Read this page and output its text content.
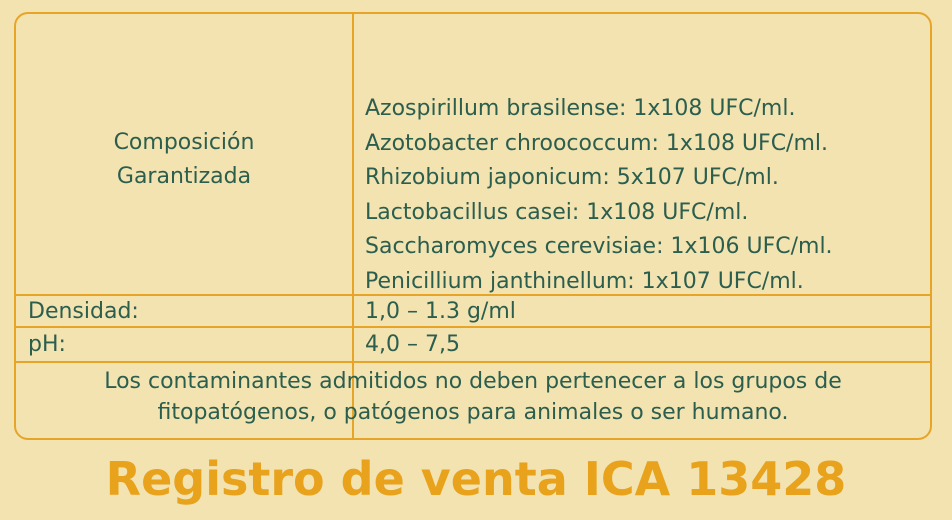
Composición
Garantizada
Azospirillum brasilense: 1x108 UFC/ml.
Azotobacter chroococcum: 1x108 UFC/ml.
Rhizobium japonicum: 5x107 UFC/ml.
Lactobacillus casei: 1x108 UFC/ml.
Saccharomyces cerevisiae: 1x106 UFC/ml.
Penicillium janthinellum: 1x107 UFC/ml.
Densidad:	1,0 – 1.3 g/ml
pH:	4,0 – 7,5
Los contaminantes admitidos no deben pertenecer a los grupos de
fitopatógenos, o patógenos para animales o ser humano.
Registro de venta ICA 13428
